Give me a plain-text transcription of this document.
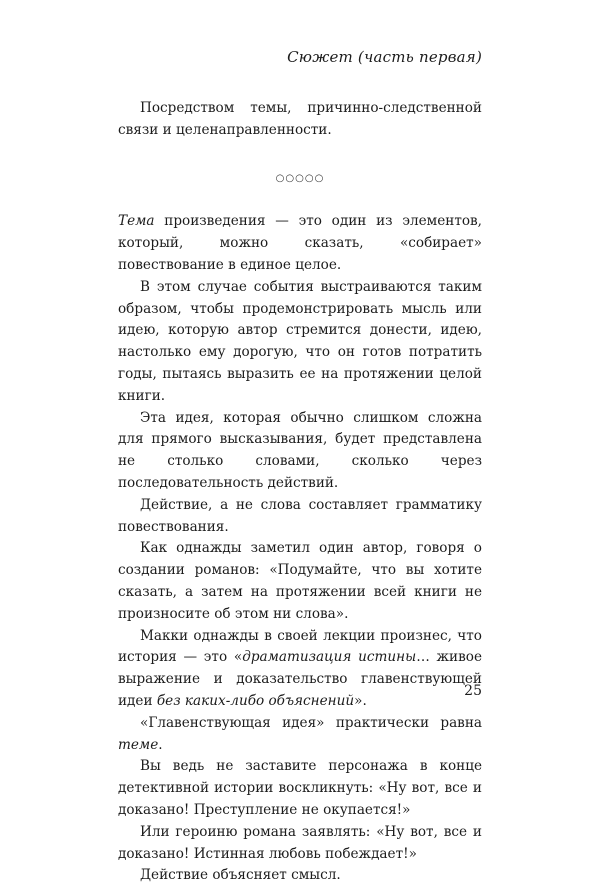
Сюжет (часть первая)

Посредством темы, причинно-следственной связи и целенаправленности.

○○○○○

Тема произведения — это один из элементов, который, можно сказать, «собирает» повествование в единое целое.

В этом случае события выстраиваются таким образом, чтобы продемонстрировать мысль или идею, которую автор стремится донести, идею, настолько ему дорогую, что он готов потратить годы, пытаясь выразить ее на протяжении целой книги.

Эта идея, которая обычно слишком сложна для прямого высказывания, будет представлена не столько словами, сколько через последовательность действий.

Действие, а не слова составляет грамматику повествования.

Как однажды заметил один автор, говоря о создании романов: «Подумайте, что вы хотите сказать, а затем на протяжении всей книги не произносите об этом ни слова».

Макки однажды в своей лекции произнес, что история — это «драматизация истины… живое выражение и доказательство главенствующей идеи без каких-либо объяснений».

«Главенствующая идея» практически равна теме.

Вы ведь не заставите персонажа в конце детективной истории воскликнуть: «Ну вот, все и доказано! Преступление не окупается!»

Или героиню романа заявлять: «Ну вот, все и доказано! Истинная любовь побеждает!»

Действие объясняет смысл.

25
